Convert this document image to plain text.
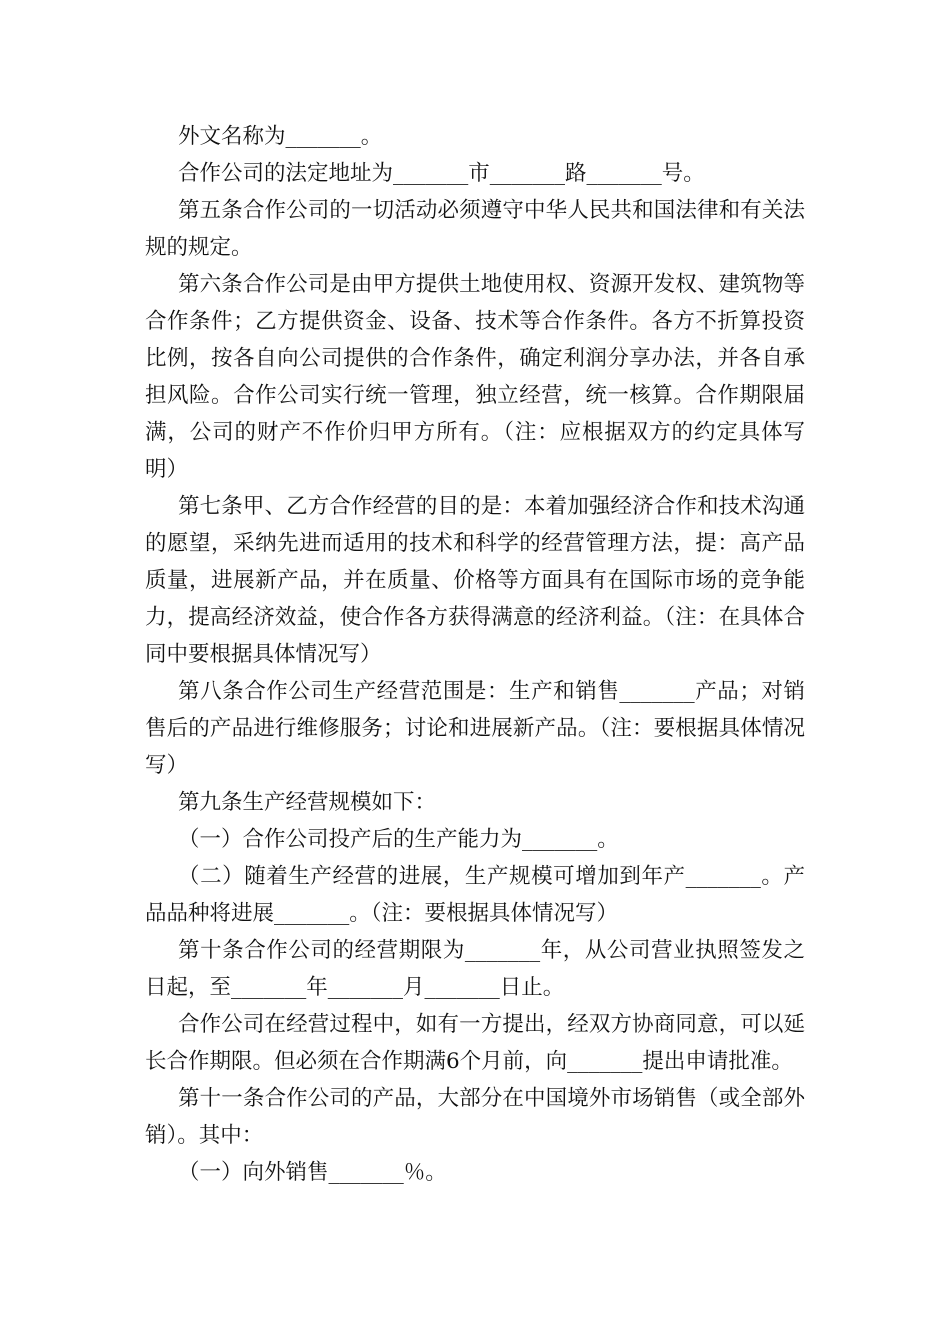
外文名称为_______。

合作公司的法定地址为_______市_______路_______号。

第五条合作公司的一切活动必须遵守中华人民共和国法律和有关法规的规定。

第六条合作公司是由甲方提供土地使用权、资源开发权、建筑物等合作条件；乙方提供资金、设备、技术等合作条件。各方不折算投资比例，按各自向公司提供的合作条件，确定利润分享办法，并各自承担风险。合作公司实行统一管理，独立经营，统一核算。合作期限届满，公司的财产不作价归甲方所有。（注：应根据双方的约定具体写明）

第七条甲、乙方合作经营的目的是：本着加强经济合作和技术沟通的愿望，采纳先进而适用的技术和科学的经营管理方法，提：高产品质量，进展新产品，并在质量、价格等方面具有在国际市场的竞争能力，提高经济效益，使合作各方获得满意的经济利益。（注：在具体合同中要根据具体情况写）

第八条合作公司生产经营范围是：生产和销售_______产品；对销售后的产品进行维修服务；讨论和进展新产品。（注：要根据具体情况写）

第九条生产经营规模如下：

（一）合作公司投产后的生产能力为_______。

（二）随着生产经营的进展，生产规模可增加到年产_______。产品品种将进展_______。（注：要根据具体情况写）

第十条合作公司的经营期限为_______年，从公司营业执照签发之日起，至_______年_______月_______日止。

合作公司在经营过程中，如有一方提出，经双方协商同意，可以延长合作期限。但必须在合作期满6个月前，向_______提出申请批准。

第十一条合作公司的产品，大部分在中国境外市场销售（或全部外销）。其中：

（一）向外销售_______％。
